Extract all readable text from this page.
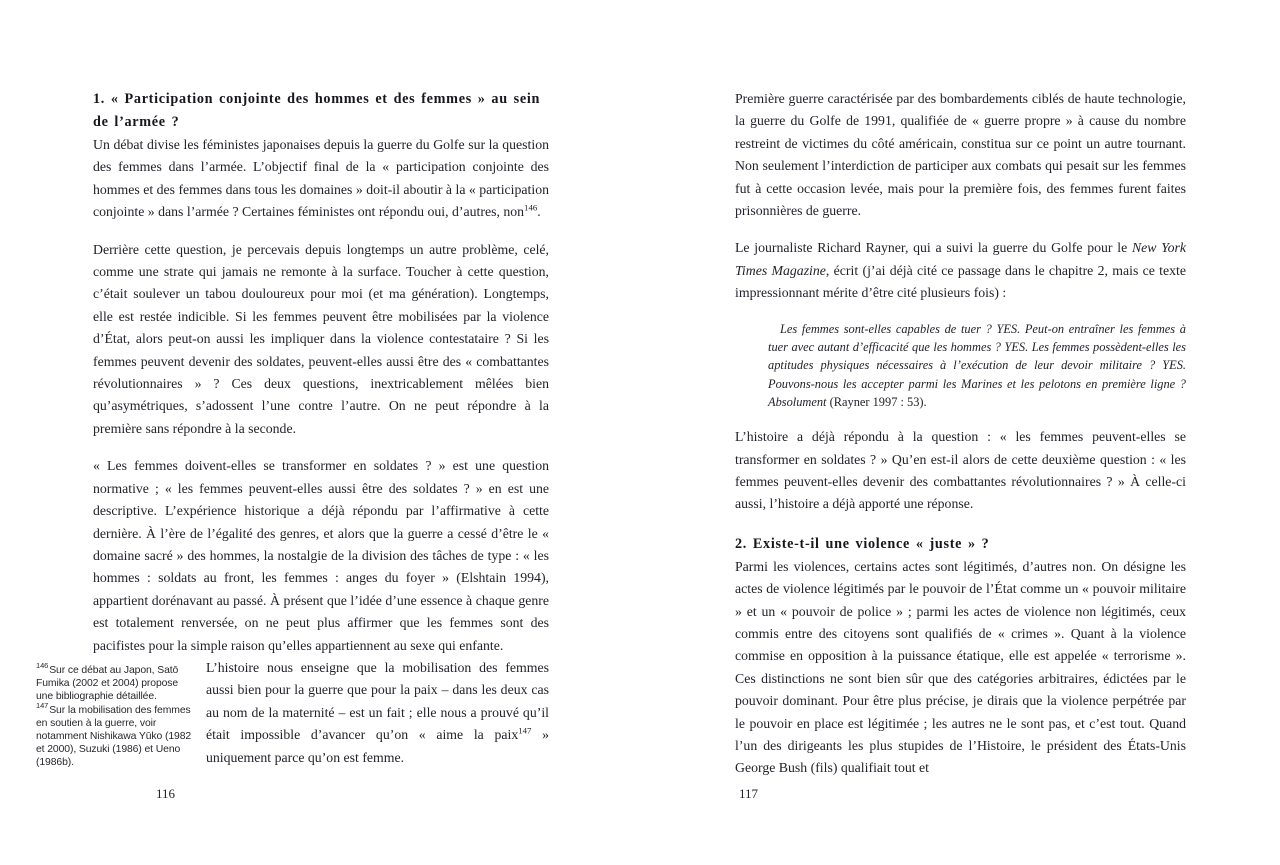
1. « Participation conjointe des hommes et des femmes » au sein de l’armée ?

Un débat divise les féministes japonaises depuis la guerre du Golfe sur la question des femmes dans l’armée. L’objectif final de la « participation conjointe des hommes et des femmes dans tous les domaines » doit-il aboutir à la « participation conjointe » dans l’armée ? Certaines féministes ont répondu oui, d’autres, non$^{146}$.

Derrière cette question, je percevais depuis longtemps un autre problème, celé, comme une strate qui jamais ne remonte à la surface. Toucher à cette question, c’était soulever un tabou douloureux pour moi (et ma génération). Longtemps, elle est restée indicible. Si les femmes peuvent être mobilisées par la violence d’État, alors peut-on aussi les impliquer dans la violence contestataire ? Si les femmes peuvent devenir des soldates, peuvent-elles aussi être des « combattantes révolutionnaires » ? Ces deux questions, inextricablement mêlées bien qu’asymétriques, s’adossent l’une contre l’autre. On ne peut répondre à la première sans répondre à la seconde.

« Les femmes doivent-elles se transformer en soldates ? » est une question normative ; « les femmes peuvent-elles aussi être des soldates ? » en est une descriptive. L’expérience historique a déjà répondu par l’affirmative à cette dernière. À l’ère de l’égalité des genres, et alors que la guerre a cessé d’être le « domaine sacré » des hommes, la nostalgie de la division des tâches de type : « les hommes : soldats au front, les femmes : anges du foyer » (Elshtain 1994), appartient dorénavant au passé. À présent que l’idée d’une essence à chaque genre est totalement renversée, on ne peut plus affirmer que les femmes sont des pacifistes pour la simple raison qu’elles appartiennent au sexe qui enfante.

$^{146}$Sur ce débat au Japon, Satō Fumika (2002 et 2004) propose une bibliographie détaillée.

$^{147}$Sur la mobilisation des femmes en soutien à la guerre, voir notamment Nishikawa Yūko (1982 et 2000), Suzuki (1986) et Ueno (1986b).

L’histoire nous enseigne que la mobilisation des femmes aussi bien pour la guerre que pour la paix – dans les deux cas au nom de la maternité – est un fait ; elle nous a prouvé qu’il était impossible d’avancer qu’on « aime la paix$^{147}$ » uniquement parce qu’on est femme.

Première guerre caractérisée par des bombardements ciblés de haute technologie, la guerre du Golfe de 1991, qualifiée de « guerre propre » à cause du nombre restreint de victimes du côté américain, constitua sur ce point un autre tournant. Non seulement l’interdiction de participer aux combats qui pesait sur les femmes fut à cette occasion levée, mais pour la première fois, des femmes furent faites prisonnières de guerre.

Le journaliste Richard Rayner, qui a suivi la guerre du Golfe pour le New York Times Magazine, écrit (j’ai déjà cité ce passage dans le chapitre 2, mais ce texte impressionnant mérite d’être cité plusieurs fois) :

Les femmes sont-elles capables de tuer ? YES. Peut-on entraîner les femmes à tuer avec autant d’efficacité que les hommes ? YES. Les femmes possèdent-elles les aptitudes physiques nécessaires à l’exécution de leur devoir militaire ? YES. Pouvons-nous les accepter parmi les Marines et les pelotons en première ligne ? Absolument (Rayner 1997 : 53).

L’histoire a déjà répondu à la question : « les femmes peuvent-elles se transformer en soldates ? » Qu’en est-il alors de cette deuxième question : « les femmes peuvent-elles devenir des combattantes révolutionnaires ? » À celle-ci aussi, l’histoire a déjà apporté une réponse.

2. Existe-t-il une violence « juste » ?

Parmi les violences, certains actes sont légitimés, d’autres non. On désigne les actes de violence légitimés par le pouvoir de l’État comme un « pouvoir militaire » et un « pouvoir de police » ; parmi les actes de violence non légitimés, ceux commis entre des citoyens sont qualifiés de « crimes ». Quant à la violence commise en opposition à la puissance étatique, elle est appelée « terrorisme ». Ces distinctions ne sont bien sûr que des catégories arbitraires, édictées par le pouvoir dominant. Pour être plus précise, je dirais que la violence perpétrée par le pouvoir en place est légitimée ; les autres ne le sont pas, et c’est tout. Quand l’un des dirigeants les plus stupides de l’Histoire, le président des États-Unis George Bush (fils) qualifiait tout et

116	117
